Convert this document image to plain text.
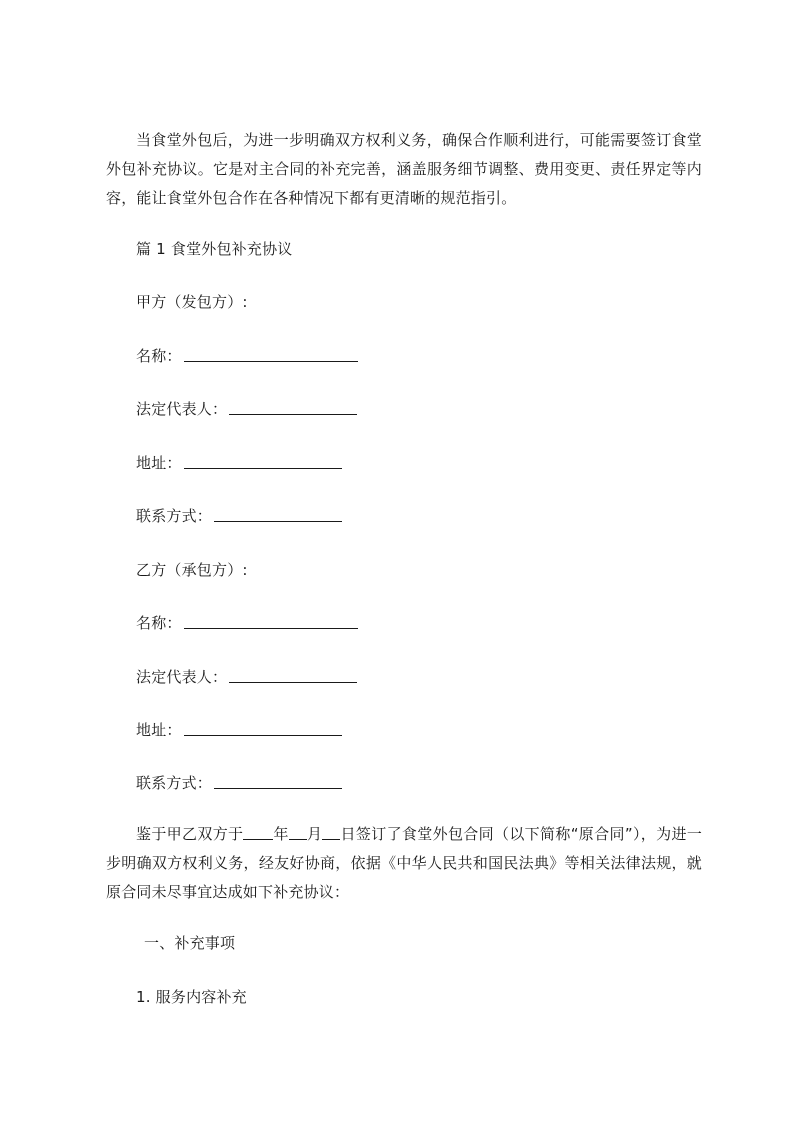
当食堂外包后，为进一步明确双方权利义务，确保合作顺利进行，可能需要签订食堂外包补充协议。它是对主合同的补充完善，涵盖服务细节调整、费用变更、责任界定等内容，能让食堂外包合作在各种情况下都有更清晰的规范指引。

篇 1 食堂外包补充协议

甲方（发包方）:

名称：

法定代表人：

地址：

联系方式：

乙方（承包方）:

名称：

法定代表人：

地址：

联系方式：

鉴于甲乙双方于 年 月 日签订了食堂外包合同（以下简称“原合同”），为进一步明确双方权利义务，经友好协商，依据《中华人民共和国民法典》等相关法律法规，就原合同未尽事宜达成如下补充协议：

一、补充事项

1. 服务内容补充
